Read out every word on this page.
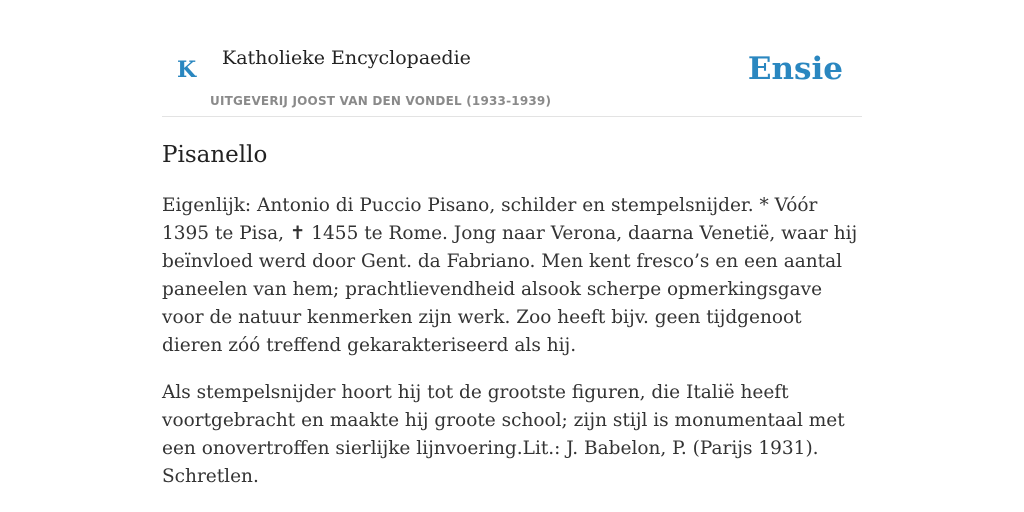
K Katholieke Encyclopaedie
UITGEVERIJ JOOST VAN DEN VONDEL (1933-1939)
Ensie
Pisanello

Eigenlijk: Antonio di Puccio Pisano, schilder en stempelsnijder. * Vóór 1395 te Pisa, ✝ 1455 te Rome. Jong naar Verona, daarna Venetië, waar hij beïnvloed werd door Gent. da Fabriano. Men kent fresco’s en een aantal paneelen van hem; prachtlievendheid alsook scherpe opmerkingsgave voor de natuur kenmerken zijn werk. Zoo heeft bijv. geen tijdgenoot dieren zóó treffend gekarakteriseerd als hij.

Als stempelsnijder hoort hij tot de grootste figuren, die Italië heeft voortgebracht en maakte hij groote school; zijn stijl is monumentaal met een onovertroffen sierlijke lijnvoering.Lit.: J. Babelon, P. (Parijs 1931). Schretlen.
